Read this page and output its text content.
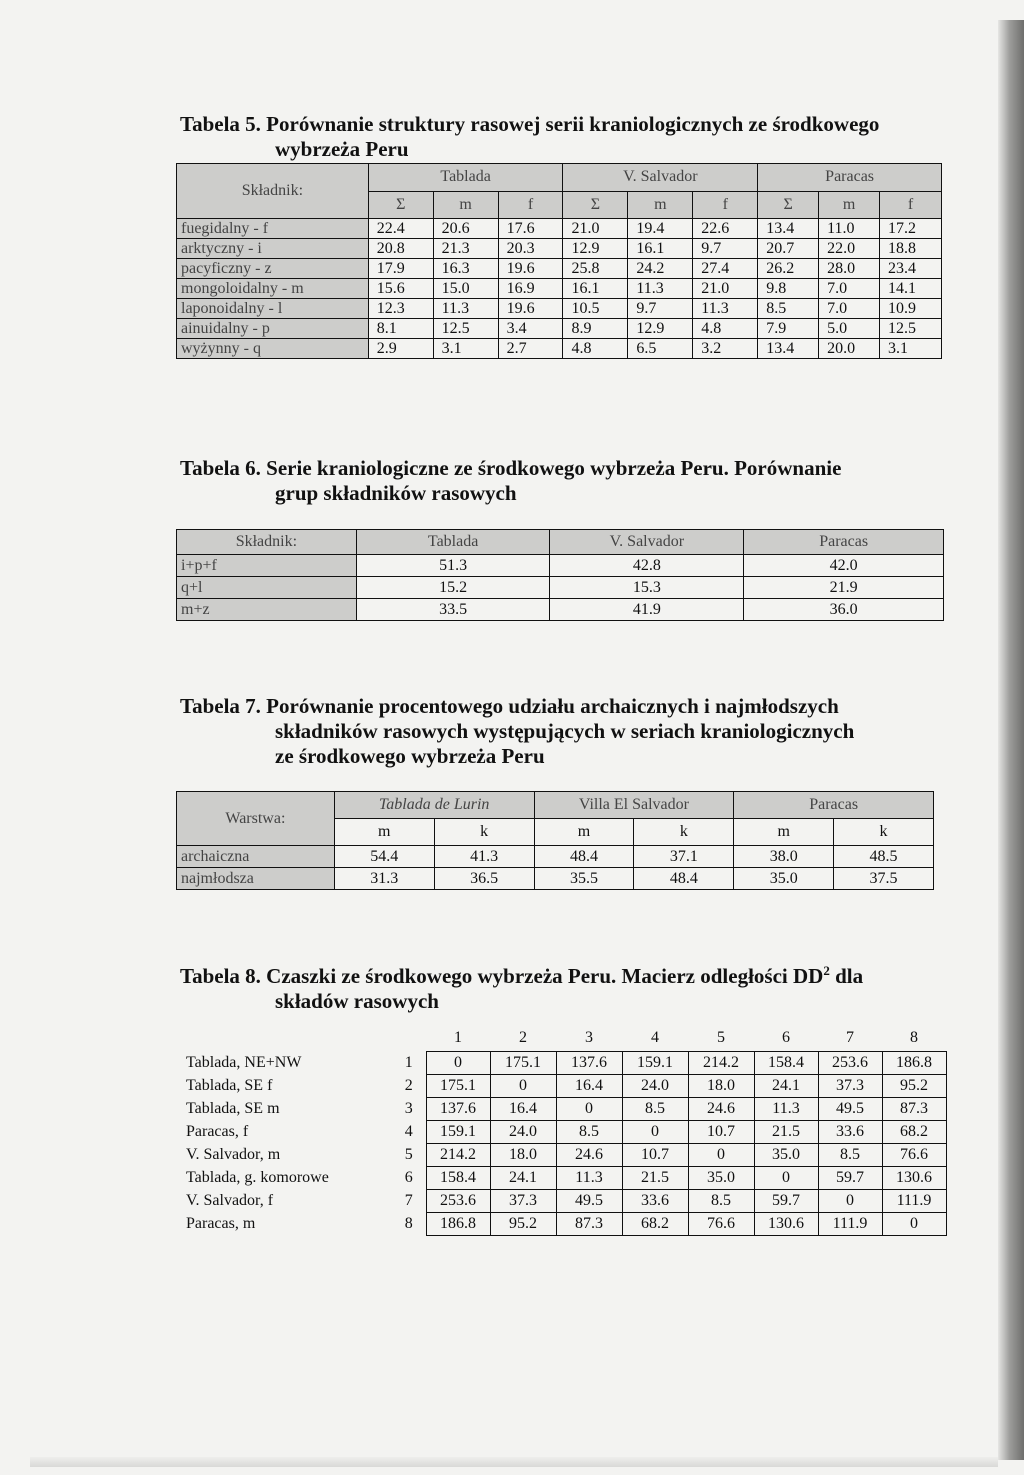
Tabela 5. Porównanie struktury rasowej serii kraniologicznych ze środkowego
wybrzeża Peru
Składnik:	Tablada			V. Salvador			Paracas		
	Σ	m	f	Σ	m	f	Σ	m	f
fuegidalny - f	22.4	20.6	17.6	21.0	19.4	22.6	13.4	11.0	17.2
arktyczny - i	20.8	21.3	20.3	12.9	16.1	9.7	20.7	22.0	18.8
pacyficzny - z	17.9	16.3	19.6	25.8	24.2	27.4	26.2	28.0	23.4
mongoloidalny - m	15.6	15.0	16.9	16.1	11.3	21.0	9.8	7.0	14.1
laponoidalny - l	12.3	11.3	19.6	10.5	9.7	11.3	8.5	7.0	10.9
ainuidalny - p	8.1	12.5	3.4	8.9	12.9	4.8	7.9	5.0	12.5
wyżynny - q	2.9	3.1	2.7	4.8	6.5	3.2	13.4	20.0	3.1
Tabela 6. Serie kraniologiczne ze środkowego wybrzeża Peru. Porównanie
grup składników rasowych
Składnik:	Tablada	V. Salvador	Paracas
i+p+f	51.3	42.8	42.0
q+l	15.2	15.3	21.9
m+z	33.5	41.9	36.0
Tabela 7. Porównanie procentowego udziału archaicznych i najmłodszych
składników rasowych występujących w seriach kraniologicznych
ze środkowego wybrzeża Peru
Warstwa:	Tablada de Lurin		Villa El Salvador		Paracas	
	m	k	m	k	m	k
archaiczna	54.4	41.3	48.4	37.1	38.0	48.5
najmłodsza	31.3	36.5	35.5	48.4	35.0	37.5
Tabela 8. Czaszki ze środkowego wybrzeża Peru. Macierz odległości $DD^2$ dla
składów rasowych
		1	2	3	4	5	6	7	8
Tablada, NE+NW	1	0	175.1	137.6	159.1	214.2	158.4	253.6	186.8
Tablada, SE f	2	175.1	0	16.4	24.0	18.0	24.1	37.3	95.2
Tablada, SE m	3	137.6	16.4	0	8.5	24.6	11.3	49.5	87.3
Paracas, f	4	159.1	24.0	8.5	0	10.7	21.5	33.6	68.2
V. Salvador, m	5	214.2	18.0	24.6	10.7	0	35.0	8.5	76.6
Tablada, g. komorowe	6	158.4	24.1	11.3	21.5	35.0	0	59.7	130.6
V. Salvador, f	7	253.6	37.3	49.5	33.6	8.5	59.7	0	111.9
Paracas, m	8	186.8	95.2	87.3	68.2	76.6	130.6	111.9	0
